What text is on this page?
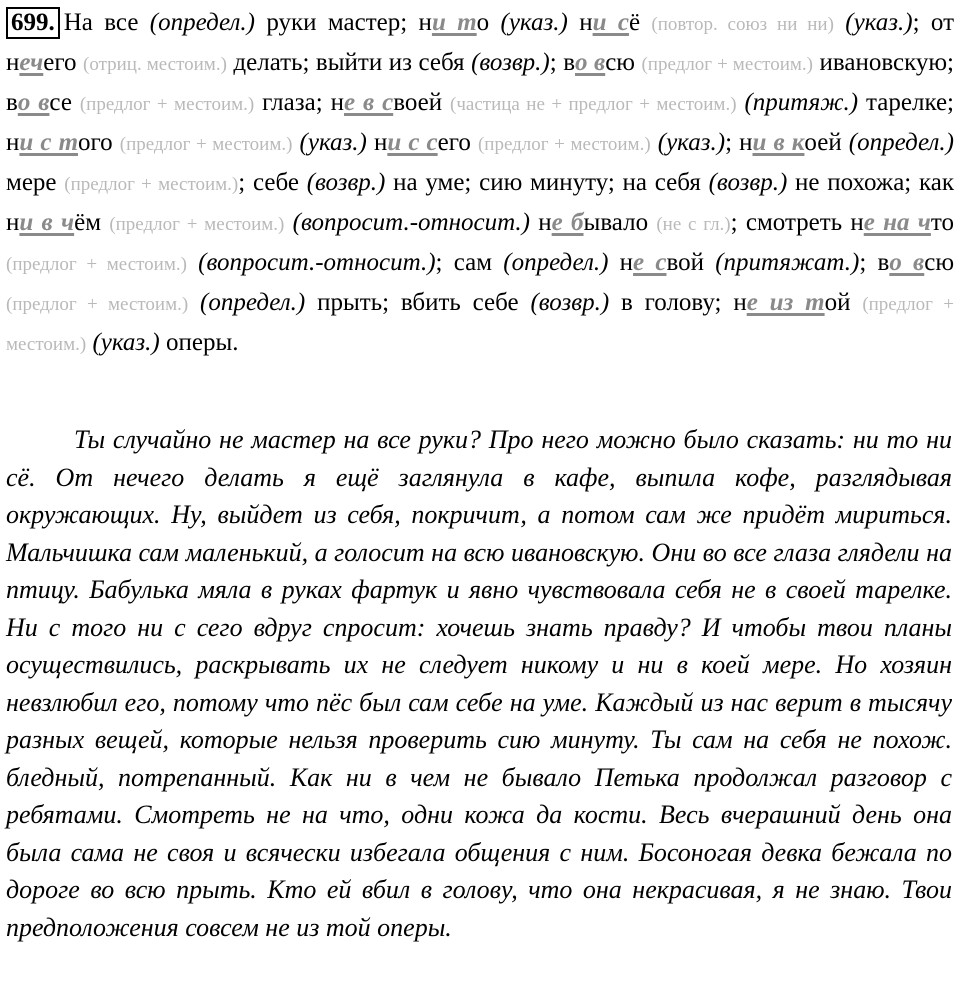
699. На все (определ.) руки мастер; ни то (указ.) ни сё (повтор. союз ни ни) (указ.); от нечего (отриц. местоим.) делать; выйти из себя (возвр.); во всю (предлог + местоим.) ивановскую; во все (предлог + местоим.) глаза; не в своей (частица не + предлог + местоим.) (притяж.) тарелке; ни с того (предлог + местоим.) (указ.) ни с сего (предлог + местоим.) (указ.); ни в коей (определ.) мере (предлог + местоим.); себе (возвр.) на уме; сию минуту; на себя (возвр.) не похожа; как ни в чём (предлог + местоим.) (вопросит.-относит.) не бывало (не с гл.); смотреть не на что (предлог + местоим.) (вопросит.-относит.); сам (определ.) не свой (притяжат.); во всю (предлог + местоим.) (определ.) прыть; вбить себе (возвр.) в голову; не из той (предлог + местоим.) (указ.) оперы.

Ты случайно не мастер на все руки? Про него можно было сказать: ни то ни сё. От нечего делать я ещё заглянула в кафе, выпила кофе, разглядывая окружающих. Ну, выйдет из себя, покричит, а потом сам же придёт мириться. Мальчишка сам маленький, а голосит на всю ивановскую. Они во все глаза глядели на птицу. Бабулька мяла в руках фартук и явно чувствовала себя не в своей тарелке. Ни с того ни с сего вдруг спросит: хочешь знать правду? И чтобы твои планы осуществились, раскрывать их не следует никому и ни в коей мере. Но хозяин невзлюбил его, потому что пёс был сам себе на уме. Каждый из нас верит в тысячу разных вещей, которые нельзя проверить сию минуту. Ты сам на себя не похож. бледный, потрепанный. Как ни в чем не бывало Петька продолжал разговор с ребятами. Смотреть не на что, одни кожа да кости. Весь вчерашний день она была сама не своя и всячески избегала общения с ним. Босоногая девка бежала по дороге во всю прыть. Кто ей вбил в голову, что она некрасивая, я не знаю. Твои предположения совсем не из той оперы.
